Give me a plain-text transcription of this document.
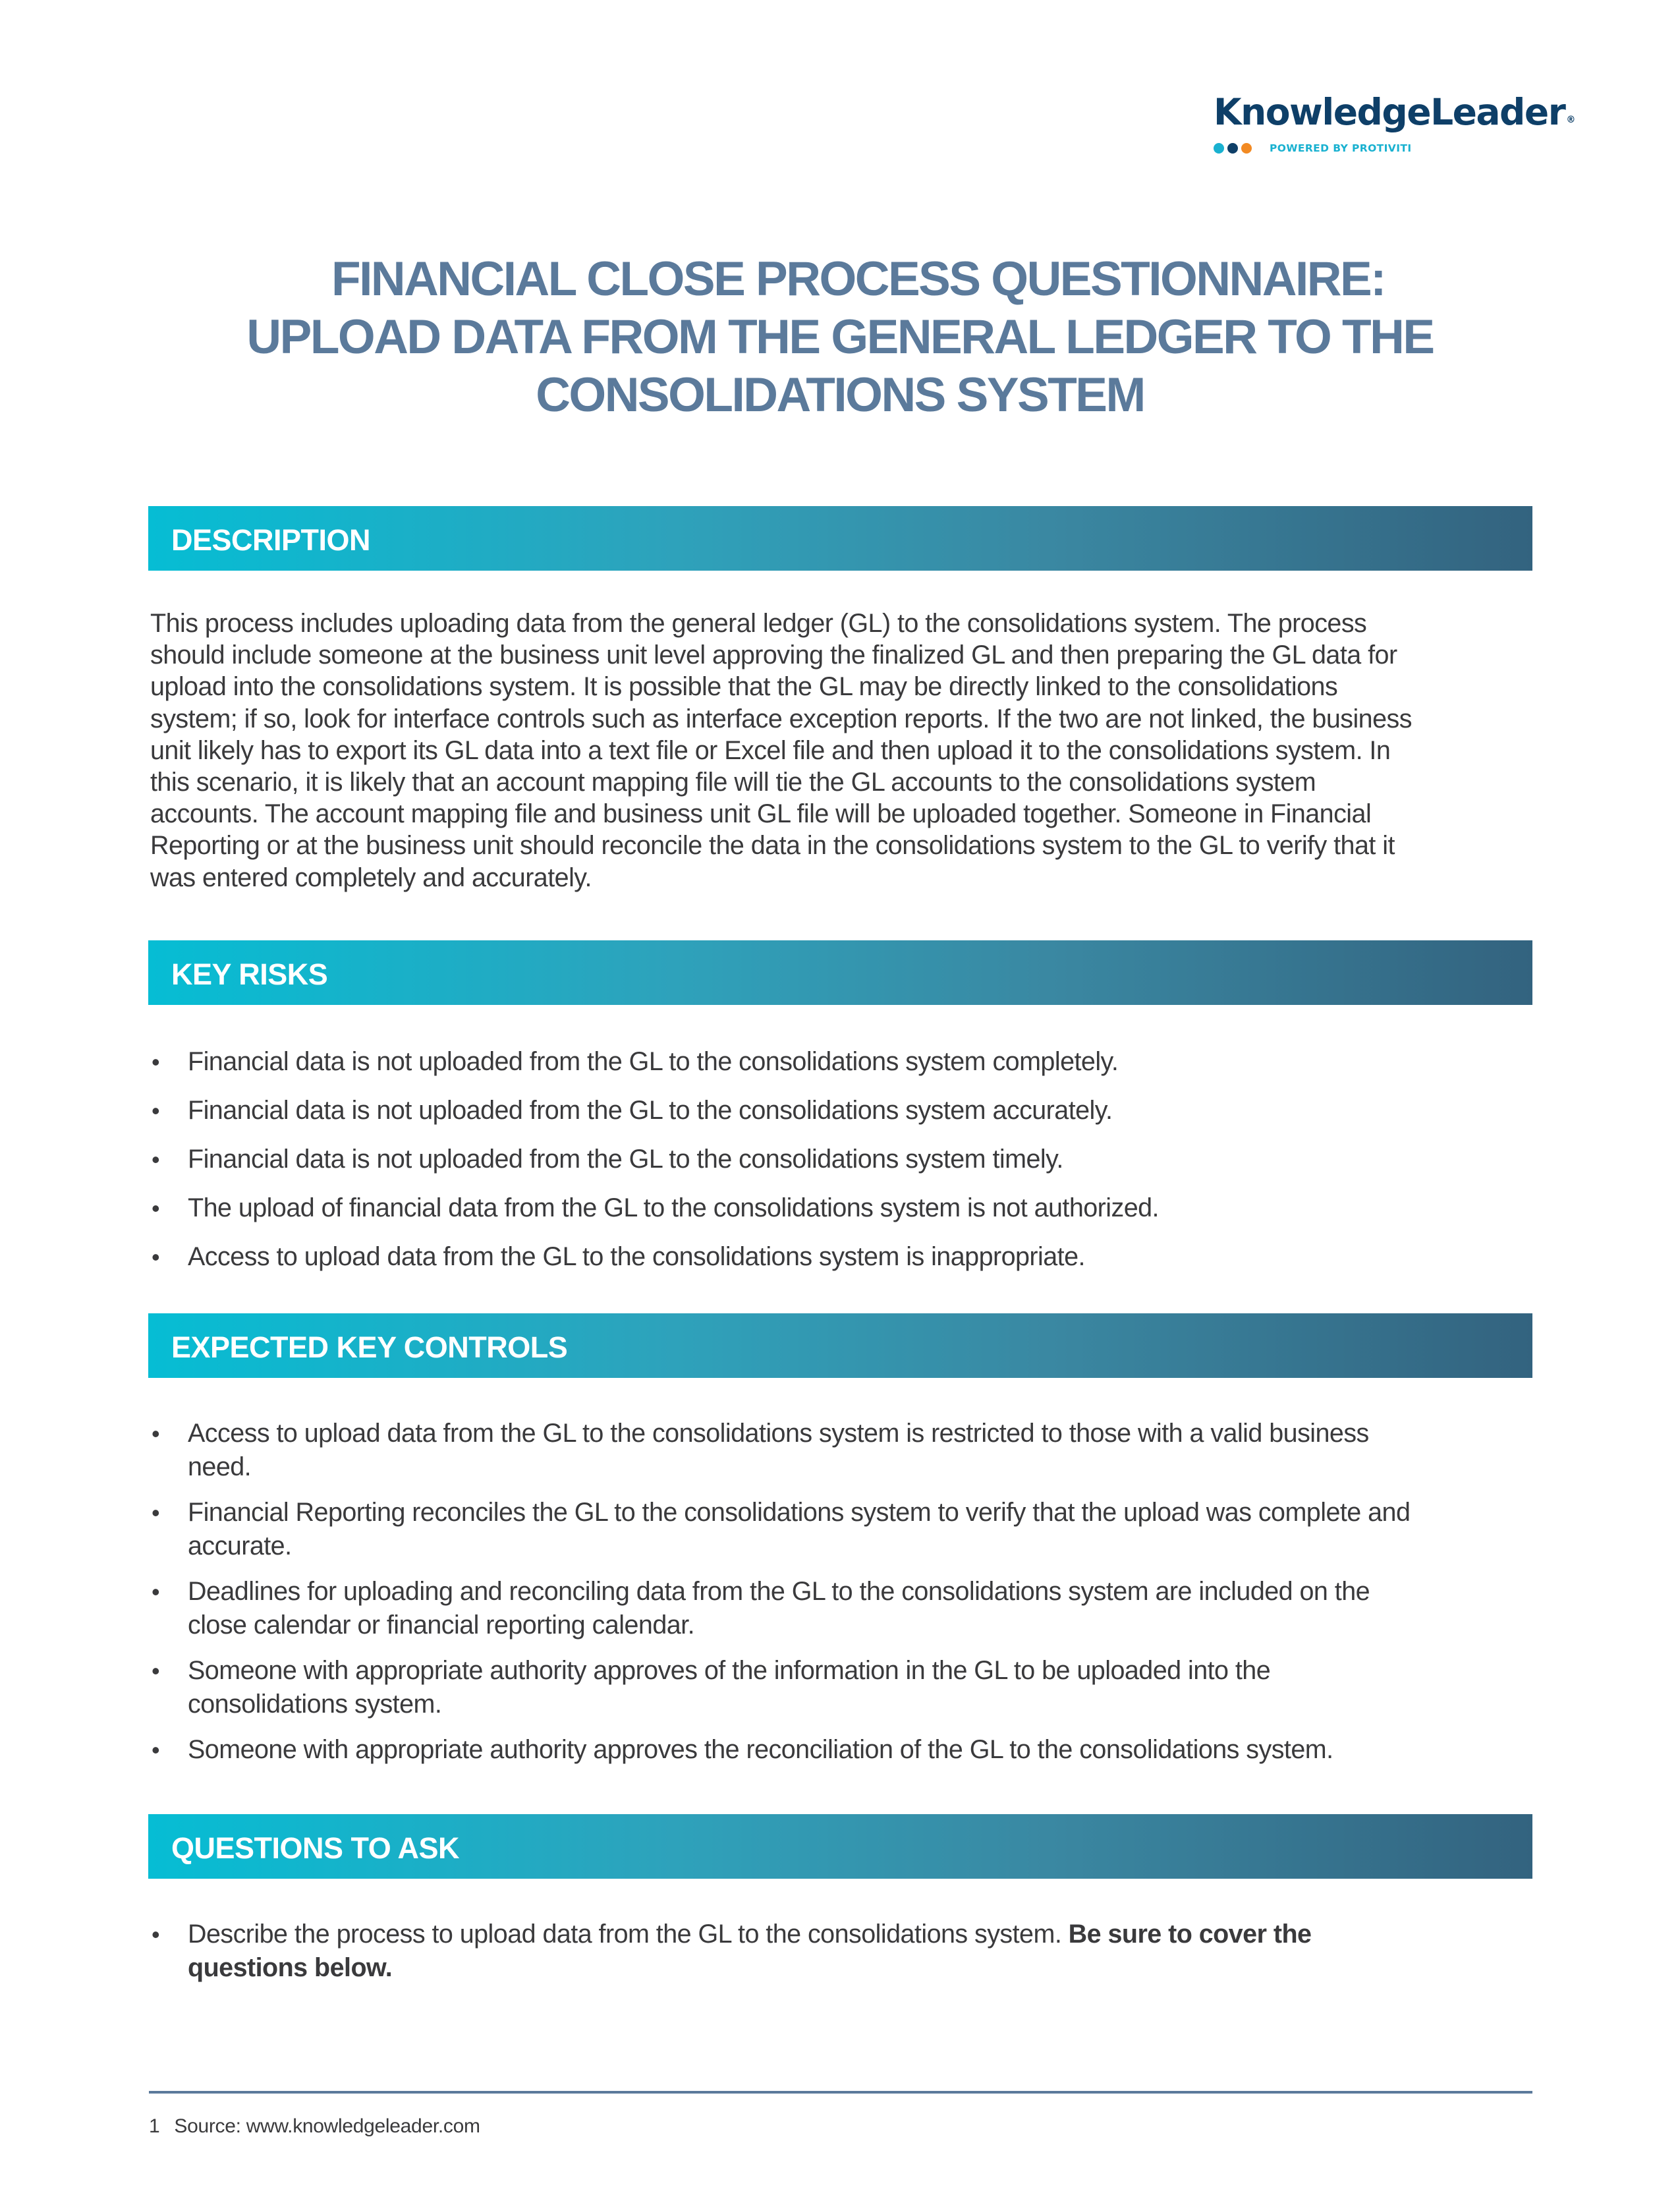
KnowledgeLeader ®
POWERED BY PROTIVITI
FINANCIAL CLOSE PROCESS QUESTIONNAIRE:
UPLOAD DATA FROM THE GENERAL LEDGER TO THE
CONSOLIDATIONS SYSTEM
DESCRIPTION
This process includes uploading data from the general ledger (GL) to the consolidations system. The process
should include someone at the business unit level approving the finalized GL and then preparing the GL data for
upload into the consolidations system. It is possible that the GL may be directly linked to the consolidations
system; if so, look for interface controls such as interface exception reports. If the two are not linked, the business
unit likely has to export its GL data into a text file or Excel file and then upload it to the consolidations system. In
this scenario, it is likely that an account mapping file will tie the GL accounts to the consolidations system
accounts. The account mapping file and business unit GL file will be uploaded together. Someone in Financial
Reporting or at the business unit should reconcile the data in the consolidations system to the GL to verify that it
was entered completely and accurately.
KEY RISKS
• Financial data is not uploaded from the GL to the consolidations system completely.
• Financial data is not uploaded from the GL to the consolidations system accurately.
• Financial data is not uploaded from the GL to the consolidations system timely.
• The upload of financial data from the GL to the consolidations system is not authorized.
• Access to upload data from the GL to the consolidations system is inappropriate.
EXPECTED KEY CONTROLS
• Access to upload data from the GL to the consolidations system is restricted to those with a valid business
need.
• Financial Reporting reconciles the GL to the consolidations system to verify that the upload was complete and
accurate.
• Deadlines for uploading and reconciling data from the GL to the consolidations system are included on the
close calendar or financial reporting calendar.
• Someone with appropriate authority approves of the information in the GL to be uploaded into the
consolidations system.
• Someone with appropriate authority approves the reconciliation of the GL to the consolidations system.
QUESTIONS TO ASK
• Describe the process to upload data from the GL to the consolidations system. Be sure to cover the
questions below.
1 Source: www.knowledgeleader.com
